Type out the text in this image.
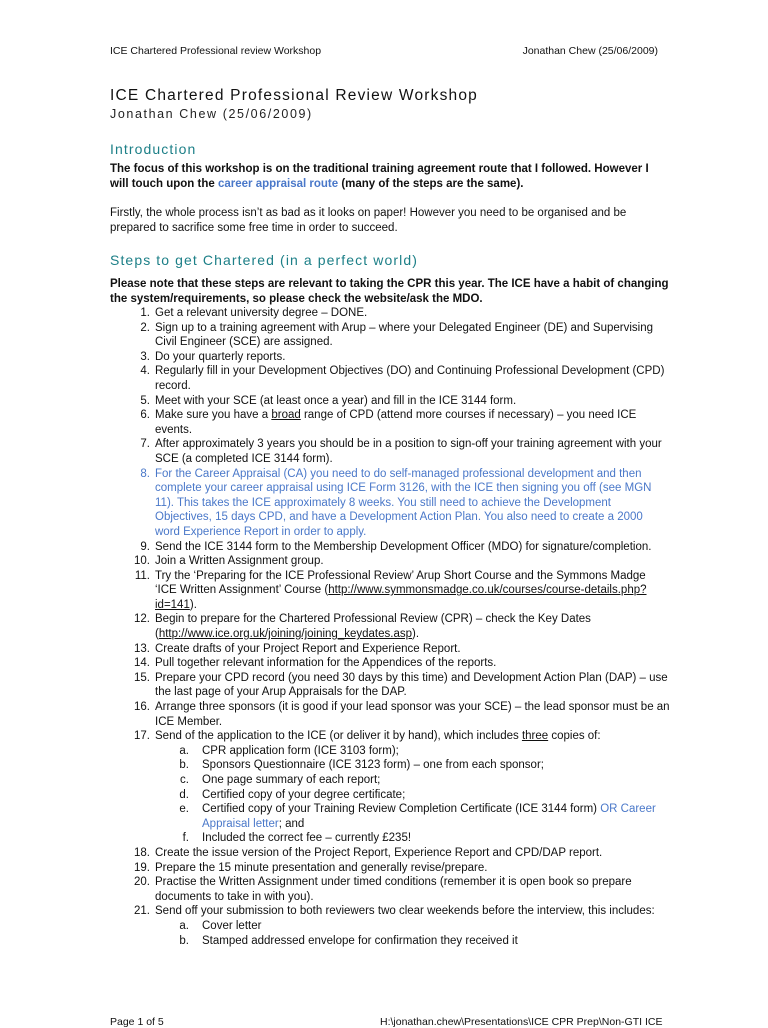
ICE Chartered Professional review Workshop	Jonathan Chew (25/06/2009)
ICE Chartered Professional Review Workshop
Jonathan Chew (25/06/2009)
Introduction
The focus of this workshop is on the traditional training agreement route that I followed. However I will touch upon the career appraisal route (many of the steps are the same).
Firstly, the whole process isn’t as bad as it looks on paper! However you need to be organised and be prepared to sacrifice some free time in order to succeed.
Steps to get Chartered (in a perfect world)
Please note that these steps are relevant to taking the CPR this year. The ICE have a habit of changing the system/requirements, so please check the website/ask the MDO.
1. Get a relevant university degree – DONE.
2. Sign up to a training agreement with Arup – where your Delegated Engineer (DE) and Supervising Civil Engineer (SCE) are assigned.
3. Do your quarterly reports.
4. Regularly fill in your Development Objectives (DO) and Continuing Professional Development (CPD) record.
5. Meet with your SCE (at least once a year) and fill in the ICE 3144 form.
6. Make sure you have a broad range of CPD (attend more courses if necessary) – you need ICE events.
7. After approximately 3 years you should be in a position to sign-off your training agreement with your SCE (a completed ICE 3144 form).
8. For the Career Appraisal (CA) you need to do self-managed professional development and then complete your career appraisal using ICE Form 3126, with the ICE then signing you off (see MGN 11). This takes the ICE approximately 8 weeks. You still need to achieve the Development Objectives, 15 days CPD, and have a Development Action Plan. You also need to create a 2000 word Experience Report in order to apply.
9. Send the ICE 3144 form to the Membership Development Officer (MDO) for signature/completion.
10. Join a Written Assignment group.
11. Try the ‘Preparing for the ICE Professional Review’ Arup Short Course and the Symmons Madge ‘ICE Written Assignment’ Course (http://www.symmonsmadge.co.uk/courses/course-details.php?id=141).
12. Begin to prepare for the Chartered Professional Review (CPR) – check the Key Dates (http://www.ice.org.uk/joining/joining_keydates.asp).
13. Create drafts of your Project Report and Experience Report.
14. Pull together relevant information for the Appendices of the reports.
15. Prepare your CPD record (you need 30 days by this time) and Development Action Plan (DAP) – use the last page of your Arup Appraisals for the DAP.
16. Arrange three sponsors (it is good if your lead sponsor was your SCE) – the lead sponsor must be an ICE Member.
17. Send of the application to the ICE (or deliver it by hand), which includes three copies of:
a. CPR application form (ICE 3103 form);
b. Sponsors Questionnaire (ICE 3123 form) – one from each sponsor;
c. One page summary of each report;
d. Certified copy of your degree certificate;
e. Certified copy of your Training Review Completion Certificate (ICE 3144 form) OR Career Appraisal letter; and
f. Included the correct fee – currently £235!
18. Create the issue version of the Project Report, Experience Report and CPD/DAP report.
19. Prepare the 15 minute presentation and generally revise/prepare.
20. Practise the Written Assignment under timed conditions (remember it is open book so prepare documents to take in with you).
21. Send off your submission to both reviewers two clear weekends before the interview, this includes:
a. Cover letter
b. Stamped addressed envelope for confirmation they received it
Page 1 of 5	H:\jonathan.chew\Presentations\ICE CPR Prep\Non-GTI ICE
